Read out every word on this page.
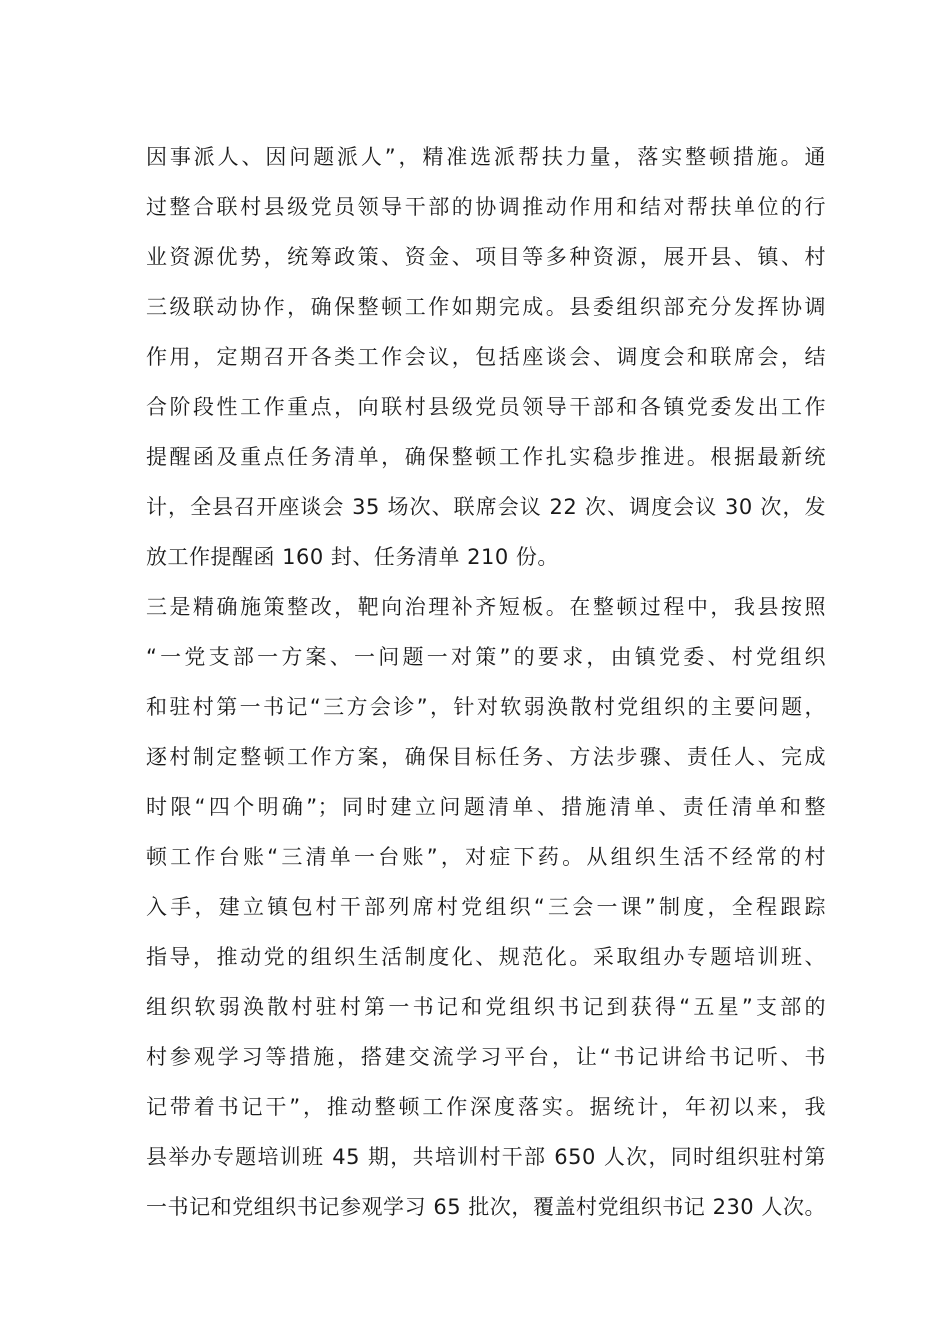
因事派人、因问题派人”，精准选派帮扶力量，落实整顿措施。通
过整合联村县级党员领导干部的协调推动作用和结对帮扶单位的行
业资源优势，统筹政策、资金、项目等多种资源，展开县、镇、村
三级联动协作，确保整顿工作如期完成。县委组织部充分发挥协调
作用，定期召开各类工作会议，包括座谈会、调度会和联席会，结
合阶段性工作重点，向联村县级党员领导干部和各镇党委发出工作
提醒函及重点任务清单，确保整顿工作扎实稳步推进。根据最新统
计，全县召开座谈会 35 场次、联席会议 22 次、调度会议 30 次，发
放工作提醒函 160 封、任务清单 210 份。
三是精确施策整改，靶向治理补齐短板。在整顿过程中，我县按照
“一党支部一方案、一问题一对策”的要求，由镇党委、村党组织
和驻村第一书记“三方会诊”，针对软弱涣散村党组织的主要问题，
逐村制定整顿工作方案，确保目标任务、方法步骤、责任人、完成
时限“四个明确”；同时建立问题清单、措施清单、责任清单和整
顿工作台账“三清单一台账”，对症下药。从组织生活不经常的村
入手，建立镇包村干部列席村党组织“三会一课”制度，全程跟踪
指导，推动党的组织生活制度化、规范化。采取组办专题培训班、
组织软弱涣散村驻村第一书记和党组织书记到获得“五星”支部的
村参观学习等措施，搭建交流学习平台，让“书记讲给书记听、书
记带着书记干”，推动整顿工作深度落实。据统计，年初以来，我
县举办专题培训班 45 期，共培训村干部 650 人次，同时组织驻村第
一书记和党组织书记参观学习 65 批次，覆盖村党组织书记 230 人次。
